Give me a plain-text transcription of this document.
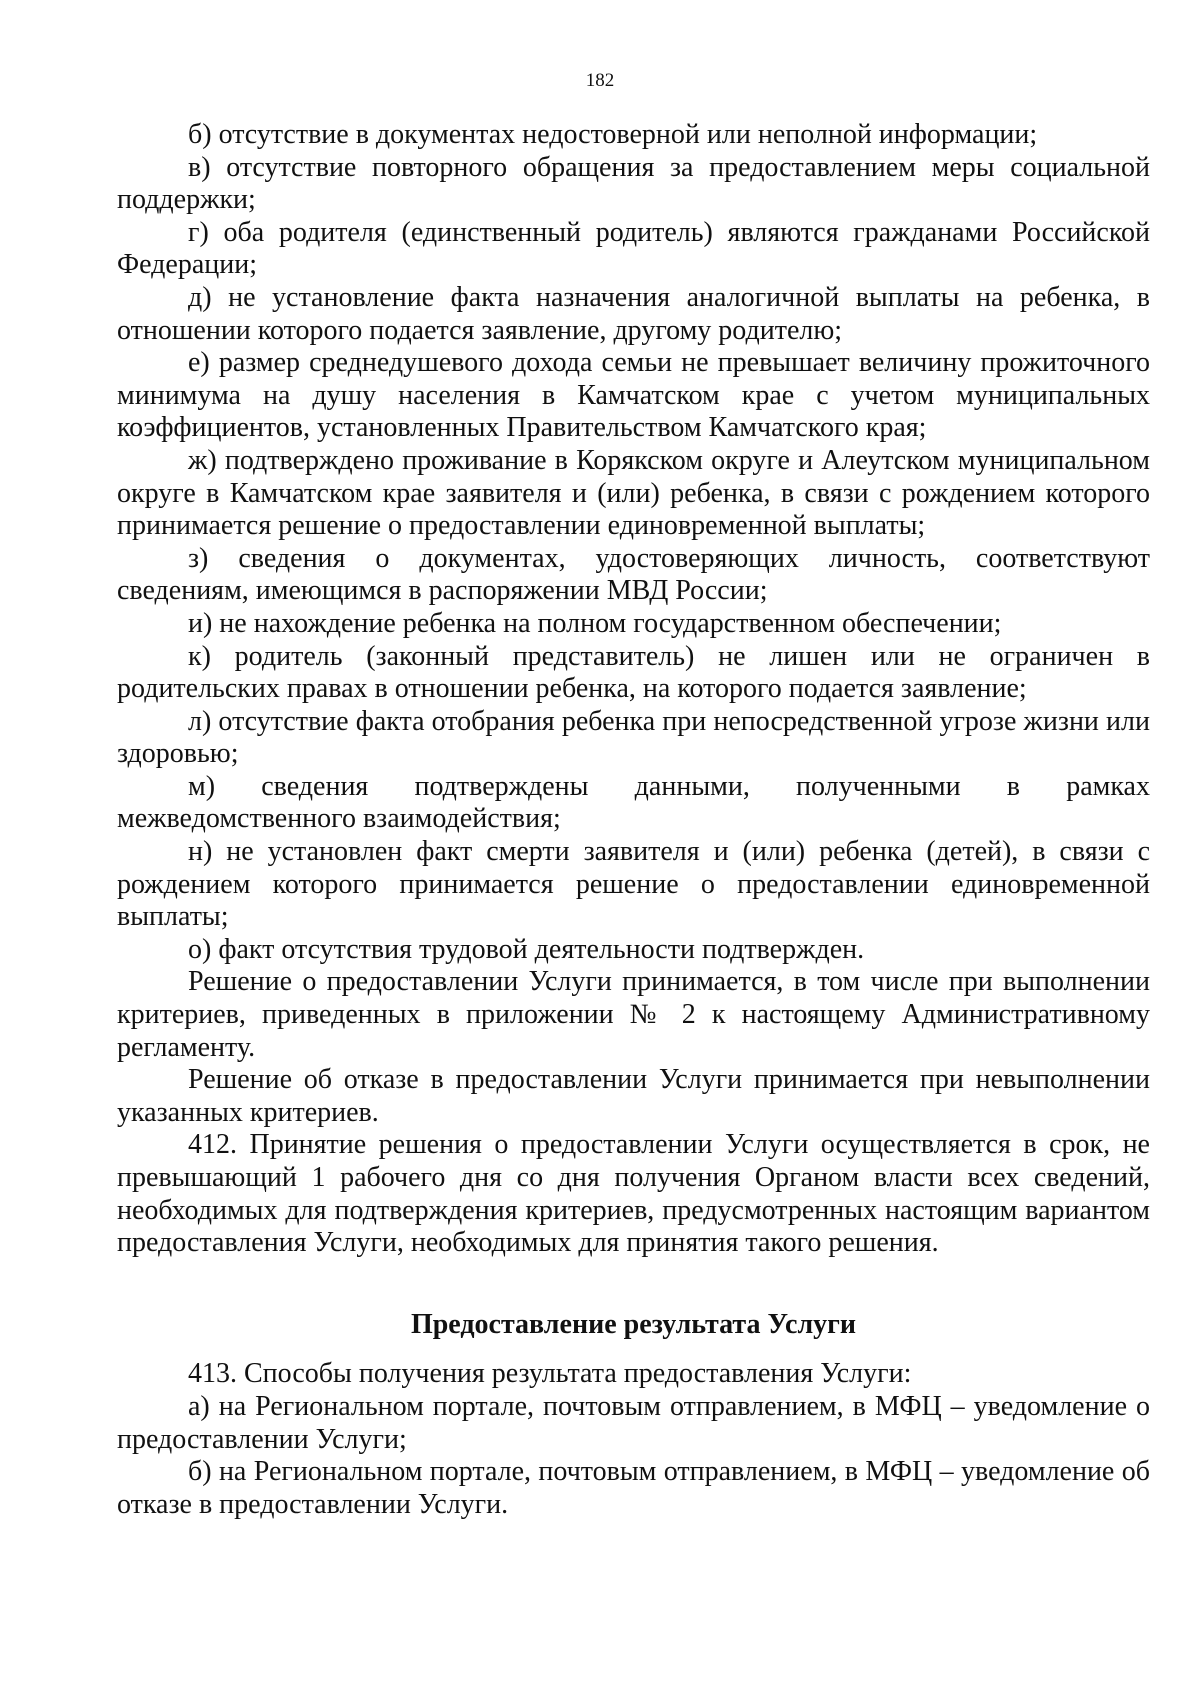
182

б) отсутствие в документах недостоверной или неполной информации;

в) отсутствие повторного обращения за предоставлением меры социальной поддержки;

г) оба родителя (единственный родитель) являются гражданами Российской Федерации;

д) не установление факта назначения аналогичной выплаты на ребенка, в отношении которого подается заявление, другому родителю;

е) размер среднедушевого дохода семьи не превышает величину прожиточного минимума на душу населения в Камчатском крае с учетом муниципальных коэффициентов, установленных Правительством Камчатского края;

ж) подтверждено проживание в Корякском округе и Алеутском муниципальном округе в Камчатском крае заявителя и (или) ребенка, в связи с рождением которого принимается решение о предоставлении единовременной выплаты;

з) сведения о документах, удостоверяющих личность, соответствуют сведениям, имеющимся в распоряжении МВД России;

и) не нахождение ребенка на полном государственном обеспечении;

к) родитель (законный представитель) не лишен или не ограничен в родительских правах в отношении ребенка, на которого подается заявление;

л) отсутствие факта отобрания ребенка при непосредственной угрозе жизни или здоровью;

м) сведения подтверждены данными, полученными в рамках межведомственного взаимодействия;

н) не установлен факт смерти заявителя и (или) ребенка (детей), в связи с рождением которого принимается решение о предоставлении единовременной выплаты;

о) факт отсутствия трудовой деятельности подтвержден.

Решение о предоставлении Услуги принимается, в том числе при выполнении критериев, приведенных в приложении № 2 к настоящему Административному регламенту.

Решение об отказе в предоставлении Услуги принимается при невыполнении указанных критериев.

412. Принятие решения о предоставлении Услуги осуществляется в срок, не превышающий 1 рабочего дня со дня получения Органом власти всех сведений, необходимых для подтверждения критериев, предусмотренных настоящим вариантом предоставления Услуги, необходимых для принятия такого решения.

Предоставление результата Услуги

413. Способы получения результата предоставления Услуги:

а) на Региональном портале, почтовым отправлением, в МФЦ – уведомление о предоставлении Услуги;

б) на Региональном портале, почтовым отправлением, в МФЦ – уведомление об отказе в предоставлении Услуги.
